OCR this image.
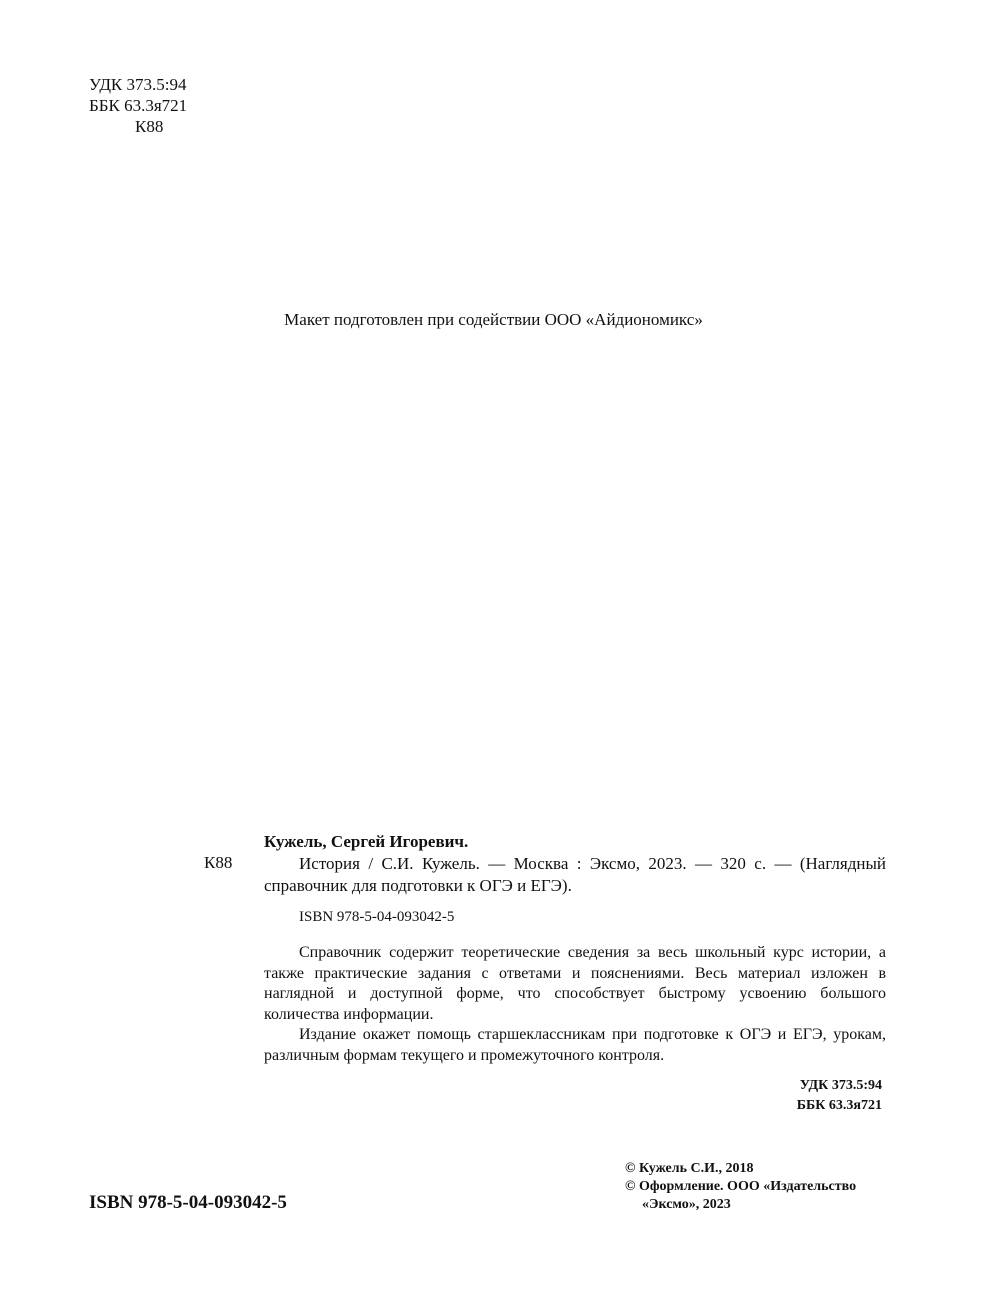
УДК 373.5:94
ББК 63.3я721
К88
Макет подготовлен при содействии ООО «Айдиономикс»
К88
Кужель, Сергей Игоревич.
История / С.И. Кужель. — Москва : Эксмо, 2023. — 320 с. — (Наглядный справочник для подготовки к ОГЭ и ЕГЭ).
ISBN 978-5-04-093042-5

Справочник содержит теоретические сведения за весь школьный курс истории, а также практические задания с ответами и пояснениями. Весь материал изложен в наглядной и доступной форме, что способствует быстрому усвоению большого количества информации.

Издание окажет помощь старшеклассникам при подготовке к ОГЭ и ЕГЭ, урокам, различным формам текущего и промежуточного контроля.

УДК 373.5:94
ББК 63.3я721
ISBN 978-5-04-093042-5
© Кужель С.И., 2018
© Оформление. ООО «Издательство
«Эксмо», 2023
